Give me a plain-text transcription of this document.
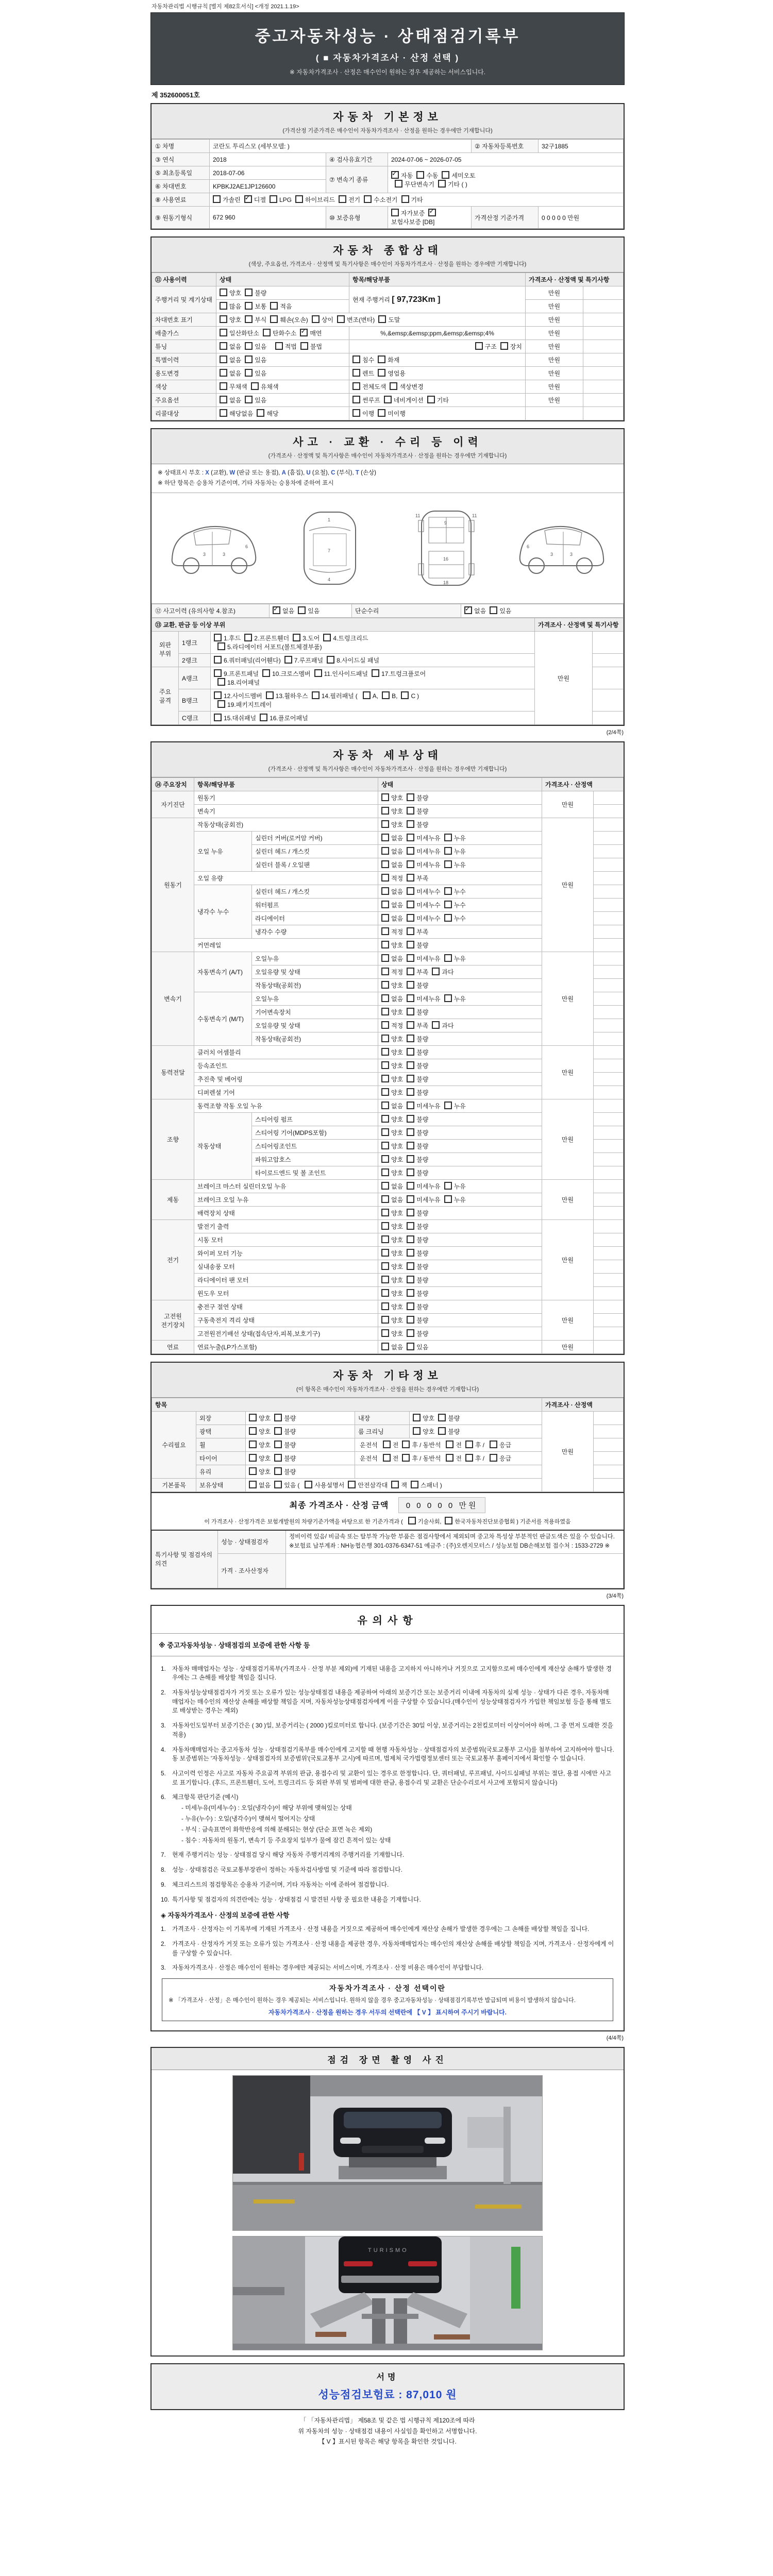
자동차관리법 시행규칙 [별지 제82호서식] <개정 2021.1.19>
중고자동차성능 · 상태점검기록부
( ■ 자동차가격조사 · 산정 선택 )
※ 자동차가격조사 · 산정은 매수인이 원하는 경우 제공하는 서비스입니다.
제 352600051호
자동차 기본정보
(가격산정 기준가격은 매수인이 자동차가격조사 · 산정을 원하는 경우에만 기재합니다)
① 차명	코란도 투리스모 (세부모델: )			② 자동차등록번호	32구1885
③ 연식	2018	④ 검사유효기간	2024-07-06 ~ 2026-07-05		
⑤ 최초등록일	2018-07-06	⑦ 변속기 종류	✓자동 수동 세미오토
무단변속기 기타 ( )
⑥ 차대번호	KPBKJ2AE1JP126600				
⑧ 사용연료	가솔린 ✓ 디젤 LPG 하이브리드 전기 수소전기 기타
⑨ 원동기형식	672 960	⑩ 보증유형	자가보증✓보험사보증 [DB]	가격산정 기준가격	0 0 0 0 0 만원
자동차 종합상태
(색상, 주요옵션, 가격조사 · 산정액 및 특기사항은 매수인이 자동차가격조사 · 산정을 원하는 경우에만 기재합니다)
⑪ 사용이력	상태	항목/해당부품	가격조사 · 산정액 및 특기사항	
주행거리 및 계기상태	양호 불량	현재 주행거리 [ 97,723Km ]	만원	
	많음 보통 적음		만원	
차대번호 표기	양호 부식 훼손(오손) 상이 변조(변타) 도말		만원	
배출가스	일산화탄소 탄화수소 ✓ 매연	%,&emsp;&emsp;ppm,&emsp;&emsp;4%	만원	
튜닝	없음 있음 적법 불법	구조 장치	만원	
특별이력	없음 있음	침수 화재	만원	
용도변경	없음 있음	렌트 영업용	만원	
색상	무채색 유채색	전체도색 색상변경	만원	
주요옵션	없음 있음	썬루프 네비게이션 기타	만원	
리콜대상	해당없음 해당	이행 미이행		
사고 · 교환 · 수리 등 이력
(가격조사 · 산정액 및 특기사항은 매수인이 자동차가격조사 · 산정을 원하는 경우에만 기재합니다)
※ 상태표시 부호 : X (교환), W (판금 또는 용접), A (흠집), U (요철), C (부식), T (손상)
※ 하단 항목은 승용차 기준이며, 기타 자동차는 승용차에 준하여 표시
3	3
6
1
7
4
11	11
9
16
18
3
3
6
⑫ 사고이력 (유의사항 4.참조)	✓없음 있음	단순수리	✓없음 있음
⑬ 교환, 판금 등 이상 부위			가격조사 · 산정액 및 특기사항	
외판 부위	1랭크	1.후드 2.프론트휀더 3.도어 4.트렁크리드
5.라디에이터 서포트(볼트체결부품)	만원	
	2랭크	6.쿼터패널(리어휀다) 7.루프패널 8.사이드실 패널		
주요 골격	A랭크	9.프론트패널 10.크로스멤버 11.인사이드패널 17.트렁크플로어
18.리어패널		
	B랭크	12.사이드멤버 13.휠하우스 14.필러패널 ( A, B, C )
19.패키지트레이		
	C랭크	15.대쉬패널 16.플로어패널		
(2/4쪽)
자동차 세부상태
(가격조사 · 산정액 및 특기사항은 매수인이 자동차가격조사 · 산정을 원하는 경우에만 기재합니다)
⑭ 주요장치	항목/해당부품		상태	가격조사 · 산정액	
자기진단	원동기		양호 불량	만원	
	변속기		양호 불량		
원동기	작동상태(공회전)		양호 불량	만원	
	오일 누유	실린더 커버(로커암 커버)	없음 미세누유 누유		
		실린더 헤드 / 개스킷	없음 미세누유 누유		
		실린더 블록 / 오일팬	없음 미세누유 누유		
	오일 유량		적정 부족		
	냉각수 누수	실린더 헤드 / 개스킷	없음 미세누수 누수		
		워터펌프	없음 미세누수 누수		
		라디에이터	없음 미세누수 누수		
		냉각수 수량	적정 부족		
	커먼레일		양호 불량		
변속기	자동변속기 (A/T)	오일누유	없음 미세누유 누유	만원	
		오일유량 및 상태	적정 부족 과다		
		작동상태(공회전)	양호 불량		
	수동변속기 (M/T)	오일누유	없음 미세누유 누유		
		기어변속장치	양호 불량		
		오일유량 및 상태	적정 부족 과다		
		작동상태(공회전)	양호 불량		
동력전달	클러치 어셈블리		양호 불량	만원	
	등속죠인트		양호 불량		
	추진축 및 베어링		양호 불량		
	디퍼렌셜 기어		양호 불량		
조향	동력조향 작동 오일 누유		없음 미세누유 누유	만원	
	작동상태	스티어링 펌프	양호 불량		
		스티어링 기어(MDPS포함)	양호 불량		
		스티어링조인트	양호 불량		
		파워고압호스	양호 불량		
		타이로드엔드 및 볼 조인트	양호 불량		
제동	브레이크 마스터 실린더오일 누유		없음 미세누유 누유	만원	
	브레이크 오일 누유		없음 미세누유 누유		
	배력장치 상태		양호 불량		
전기	발전기 출력		양호 불량	만원	
	시동 모터		양호 불량		
	와이퍼 모터 기능		양호 불량		
	실내송풍 모터		양호 불량		
	라디에이터 팬 모터		양호 불량		
	윈도우 모터		양호 불량		
고전원 전기장치	충전구 절연 상태		양호 불량	만원	
	구동축전지 격리 상태		양호 불량		
	고전원전기배선 상태(접속단자,피복,보호기구)		양호 불량		
연료	연료누출(LP가스포함)		없음 있음	만원	
자동차 기타정보
(이 항목은 매수인이 자동차가격조사 · 산정을 원하는 경우에만 기재합니다)
항목					가격조사 · 산정액	
수리필요	외장	양호 불량	내장	양호 불량	만원	
	광택	양호 불량	룸 크리닝	양호 불량		
	휠	양호 불량	운전석 전 후 / 동반석 전 후 / 응급			
	타이어	양호 불량	운전석 전 후 / 동반석 전 후 / 응급			
	유리	양호 불량				
기본품목	보유상태	없음 있음 ( 사용설명서 안전삼각대 잭 스패너 )				
최종 가격조사 · 산정 금액 0 0 0 0 0 만원
이 가격조사 · 산정가격은 보험개발원의 차량기준가액을 바탕으로 한 기준가격과 (	기술사회, 한국자동차진단보증협회 ) 기준서를 적용하였음
특기사항 및 점검자의 의견	성능 · 상태점검자	정비이력 있음/ 비금속 또는 탈부착 가능한 부품은 점검사항에서 제외되며 중고차 특성상 부분적인 판금도색은 있을 수 있습니다. ※보험료 납부계좌 : NH농협은행 301-0376-6347-51 예금주 : (주)오렌지모터스 / 성능보험 DB손해보험 접수처 : 1533-2729 ※
	가격 · 조사산정자	
(3/4쪽)
유의사항
※ 중고자동차성능 · 상태점검의 보증에 관한 사항 등
1.	자동차 매매업자는 성능 · 상태점검기록부(가격조사 · 산정 부분 제외)에 기재된 내용을 고지하지 아니하거나 거짓으로 고지함으로써 매수인에게 재산상 손해가 발생한 경우에는 그 손해를 배상할 책임을 집니다.
2.	자동차성능상태점검자가 거짓 또는 오류가 있는 성능상태점검 내용을 제공하여 아래의 보증기간 또는 보증거리 이내에 자동차의 실제 성능 · 상태가 다른 경우, 자동차매매업자는 매수인의 재산상 손해를 배상할 책임을 지며, 자동차성능상태점검자에게 이를 구상할 수 있습니다.(매수인이 성능상태점검자가 가입한 책임보험 등을 통해 별도로 배상받는 경우는 제외)
3.	자동차인도일부터 보증기간은 ( 30 )일, 보증거리는 ( 2000 )킬로미터로 합니다. (보증기간은 30일 이상, 보증거리는 2천킬로미터 이상이어야 하며, 그 중 먼저 도래한 것을 적용)
4.	자동차매매업자는 중고자동차 성능 · 상태점검기록부를 매수인에게 고지할 때 현행 자동차성능 · 상태점검자의 보증범위(국토교통부 고시)를 첨부하여 고지하여야 합니다. 동 보증범위는 '자동차성능 · 상태점검자의 보증범위'(국토교통부 고시)에 따르며, 법제처 국가법령정보센터 또는 국토교통부 홈페이지에서 확인할 수 있습니다.
5.	사고이력 인정은 사고로 자동차 주요골격 부위의 판금, 용접수리 및 교환이 있는 경우로 한정합니다. 단, 쿼터패널, 루프패널, 사이드실패널 부위는 절단, 용접 시에만 사고로 표기합니다. (후드, 프론트휀더, 도어, 트렁크리드 등 외판 부위 및 범퍼에 대한 판금, 용접수리 및 교환은 단순수리로서 사고에 포함되지 않습니다)
6.	체크항목 판단기준 (예시)
- 미세누유(미세누수) : 오일(냉각수)이 해당 부위에 맺혀있는 상태
- 누유(누수) : 오일(냉각수)이 맺혀서 떨어지는 상태
- 부식 : 금속표면이 화학반응에 의해 분해되는 현상 (단순 표면 녹은 제외)
- 침수 : 자동차의 원동기, 변속기 등 주요장치 일부가 물에 잠긴 흔적이 있는 상태
7.	현재 주행거리는 성능 · 상태점검 당시 해당 자동차 주행거리계의 주행거리를 기재합니다.
8.	성능 · 상태점검은 국토교통부장관이 정하는 자동차검사방법 및 기준에 따라 점검합니다.
9.	체크리스트의 점검항목은 승용차 기준이며, 기타 자동차는 이에 준하여 점검합니다.
10. 특기사항 및 점검자의 의견란에는 성능 · 상태점검 시 발견된 사항 중 필요한 내용을 기재합니다.
◈ 자동차가격조사 · 산정의 보증에 관한 사항
1.	가격조사 · 산정자는 이 기록부에 기재된 가격조사 · 산정 내용을 거짓으로 제공하여 매수인에게 재산상 손해가 발생한 경우에는 그 손해를 배상할 책임을 집니다.
2.	가격조사 · 산정자가 거짓 또는 오류가 있는 가격조사 · 산정 내용을 제공한 경우, 자동차매매업자는 매수인의 재산상 손해를 배상할 책임을 지며, 가격조사 · 산정자에게 이를 구상할 수 있습니다.
3.	자동차가격조사 · 산정은 매수인이 원하는 경우에만 제공되는 서비스이며, 가격조사 · 산정 비용은 매수인이 부담합니다.
자동차가격조사 · 산정 선택이란
※ 「가격조사 · 산정」은 매수인이 원하는 경우 제공되는 서비스입니다. 원하지 않을 경우 중고자동차성능 · 상태점검기록부만 발급되며 비용이 발생하지 않습니다.
자동차가격조사 · 산정을 원하는 경우 서두의 선택란에 【 V 】 표시하여 주시기 바랍니다.
(4/4쪽)
점검 장면 촬영 사진
TURISMO
서명
성능점검보험료 : 87,010 원
「 「자동차관리법」 제58조 및 같은 법 시행규칙 제120조에 따라
위 자동차의 성능 · 상태점검 내용이 사실임을 확인하고 서명합니다.
【 V 】표시된 항목은 해당 항목을 확인한 것입니다.
